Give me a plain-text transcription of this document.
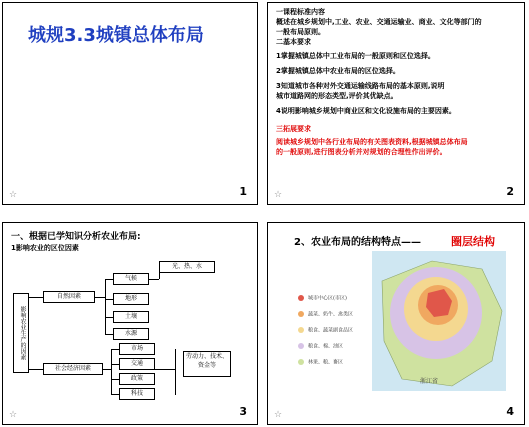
城规3.3城镇总体布局
☆	1
一课程标准内容
概述在城乡规划中,工业、农业、交通运输业、商业、文化等部门的
一般布局原则。
二基本要求
1掌握城镇总体中工业布局的一般原则和区位选择。
2掌握城镇总体中农业布局的区位选择。
3知道城市各种对外交通运输线路布局的基本原则,说明
城市道路网的形态类型,评价其优缺点。
4说明影响城乡规划中商业区和文化设施布局的主要因素。
三拓展要求
阅读城乡规划中各行业布局的有关图表资料,根据城镇总体布局
的一般原则,进行图表分析并对规划的合理性作出评价。
☆	2
一、根据已学知识分析农业布局:
1影响农业的区位因素
影响农业生产的因素
自然因素
社会经济因素
气候
地形
土壤
水源
光、热、水
市场
交通
政策
科技
劳动力、技术、资金等
☆	3
2、农业布局的结构特点——	圈层结构
浙江省
城市中心区(市区)
蔬菜、奶牛、禽类区
粮食、蔬菜副食品区
粮食、棉、油区
林果、粮、畜区
☆	4
